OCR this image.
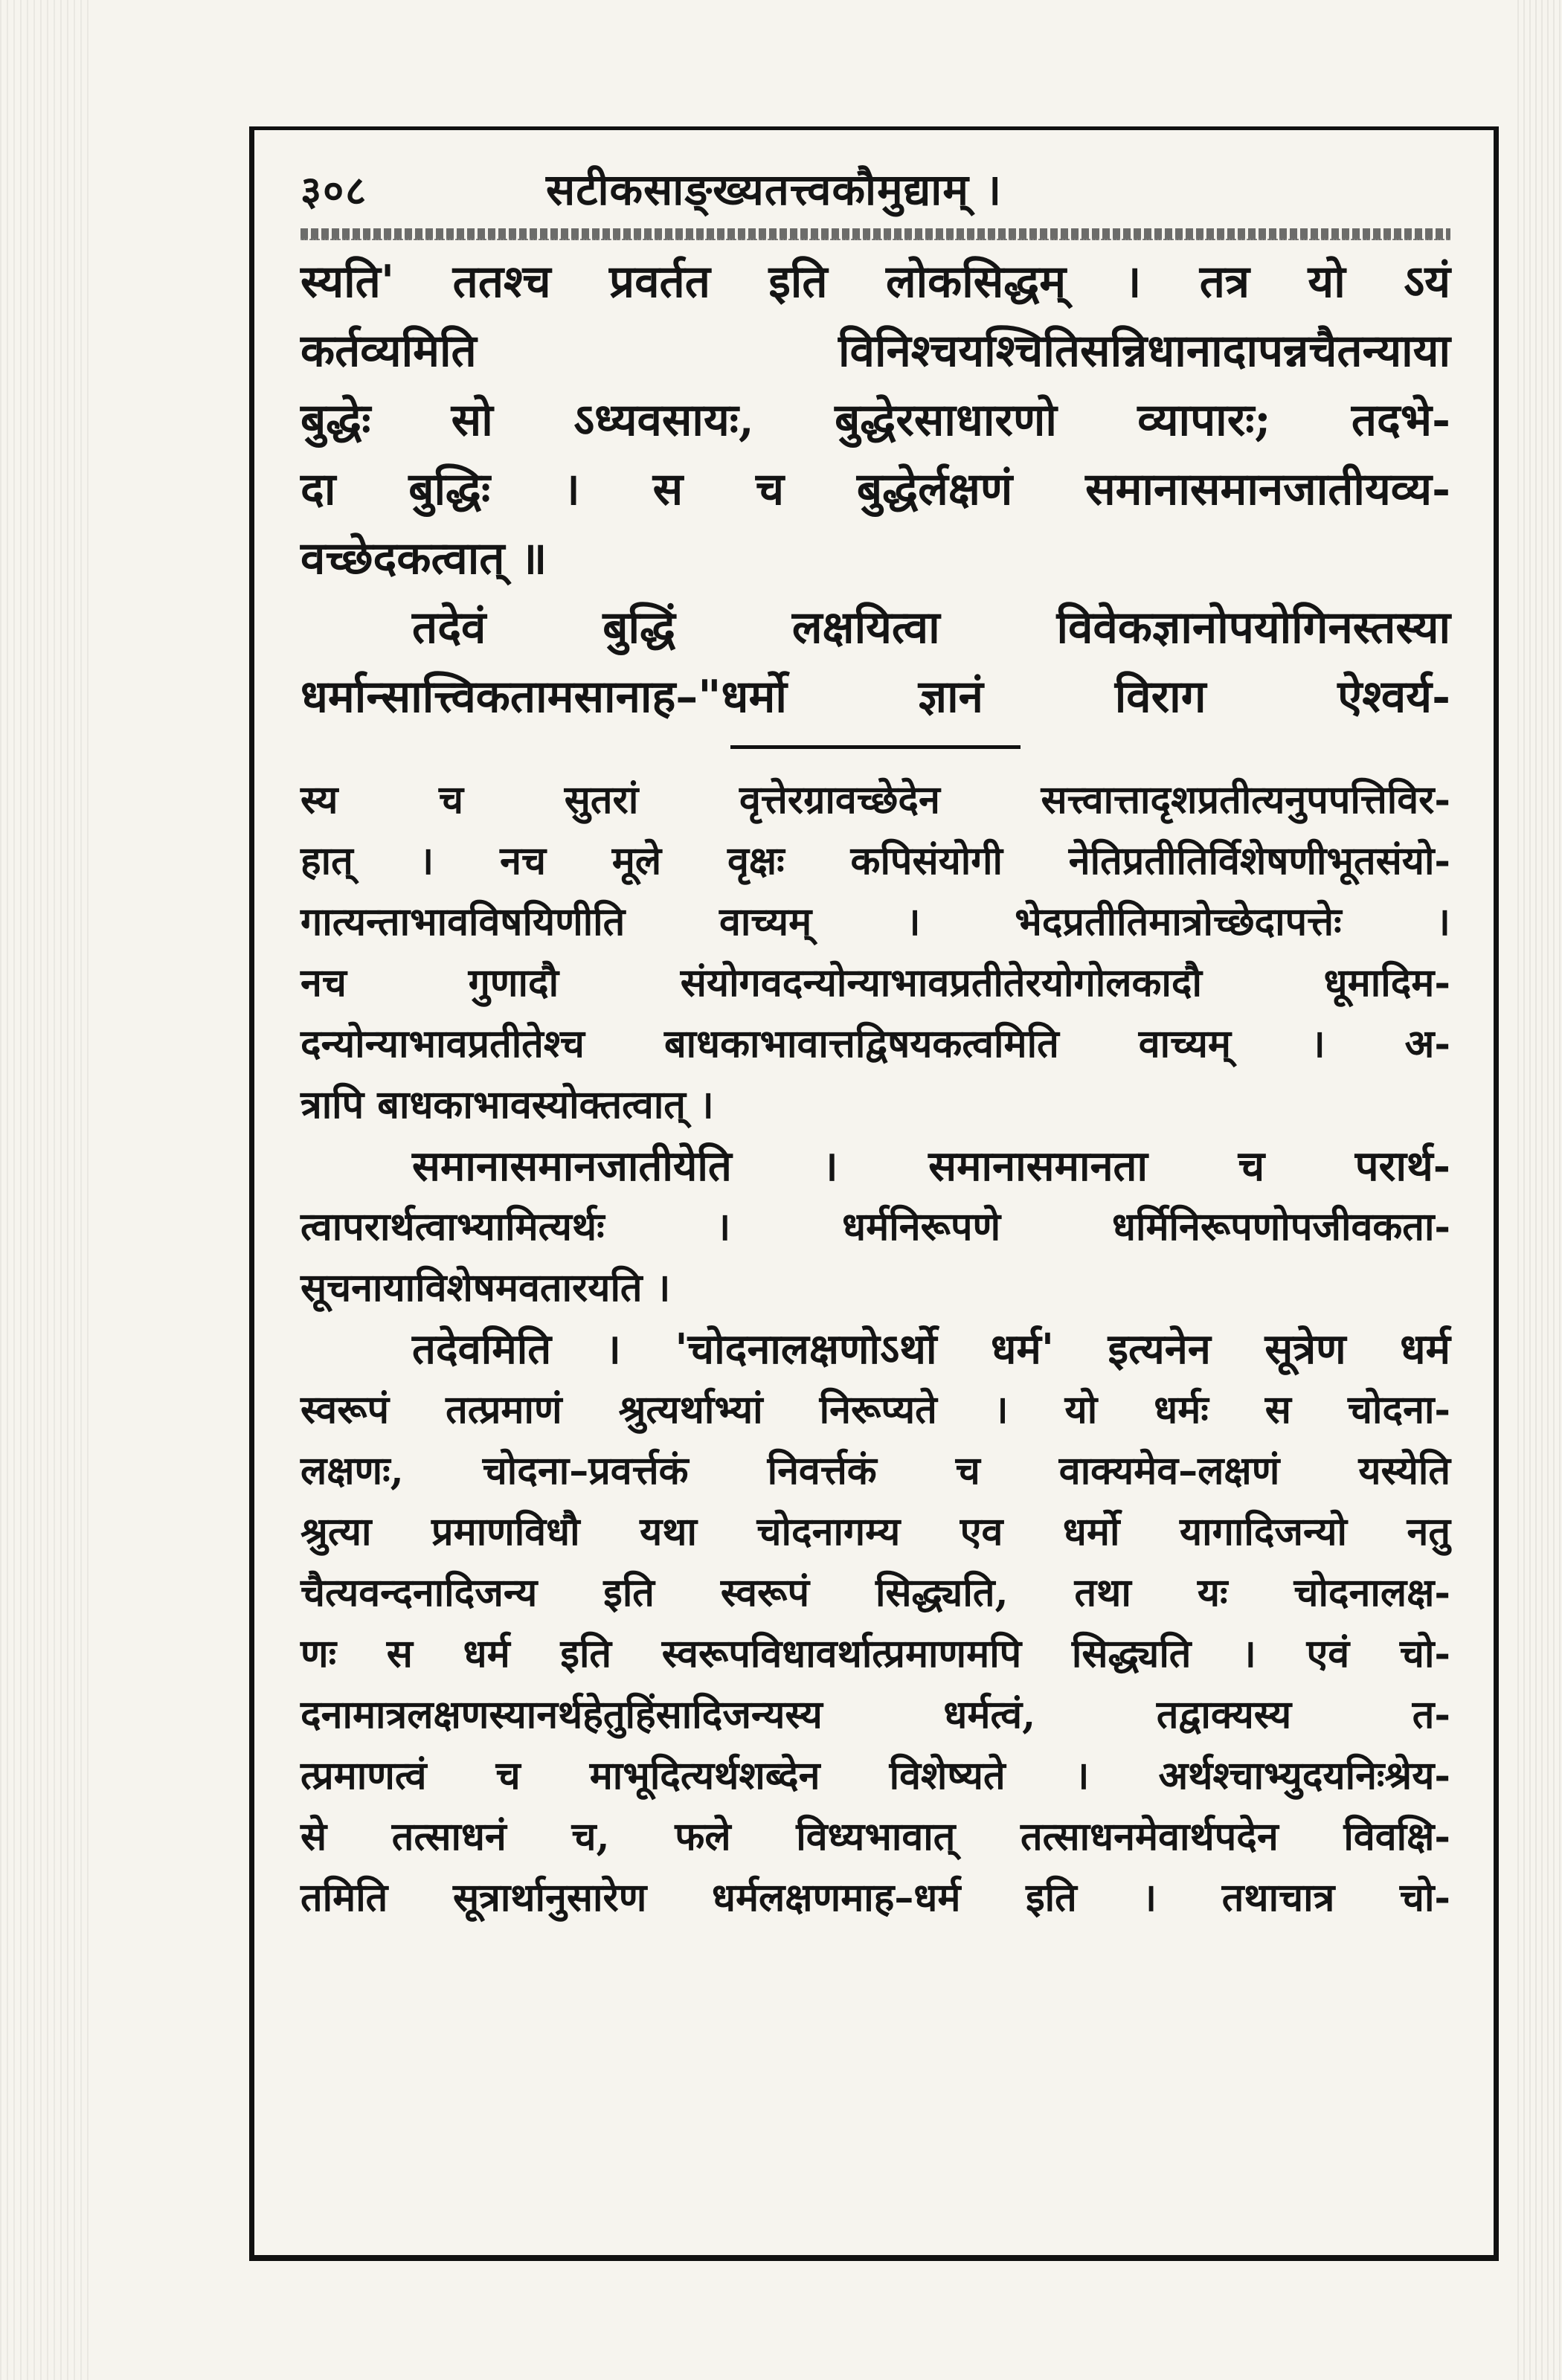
३०८	सटीकसाङ्ख्यतत्त्वकौमुद्याम् ।

स्यति' ततश्च प्रवर्तत इति लोकसिद्धम् । तत्र यो ऽयं

कर्तव्यमिति विनिश्चयश्चितिसन्निधानादापन्नचैतन्याया

बुद्धेः सो ऽध्यवसायः, बुद्धेरसाधारणो व्यापारः; तदभे-

दा बुद्धिः । स च बुद्धेर्लक्षणं समानासमानजातीयव्य-

वच्छेदकत्वात् ॥

तदेवं बुद्धिं लक्षयित्वा विवेकज्ञानोपयोगिनस्तस्या

धर्मान्सात्त्विकतामसानाह–"धर्मो ज्ञानं विराग ऐश्वर्य-

स्य च सुतरां वृत्तेरग्रावच्छेदेन सत्त्वात्तादृशप्रतीत्यनुपपत्तिविर-

हात् । नच मूले वृक्षः कपिसंयोगी नेतिप्रतीतिर्विशेषणीभूतसंयो-

गात्यन्ताभावविषयिणीति वाच्यम् । भेदप्रतीतिमात्रोच्छेदापत्तेः ।

नच गुणादौ संयोगवदन्योन्याभावप्रतीतेरयोगोलकादौ धूमादिम-

दन्योन्याभावप्रतीतेश्च बाधकाभावात्तद्विषयकत्वमिति वाच्यम् । अ-

त्रापि बाधकाभावस्योक्तत्वात् ।

समानासमानजातीयेति । समानासमानता च परार्थ-

त्वापरार्थत्वाभ्यामित्यर्थः । धर्मनिरूपणे धर्मिनिरूपणोपजीवकता-

सूचनायाविशेषमवतारयति ।

तदेवमिति । 'चोदनालक्षणोऽर्थो धर्म' इत्यनेन सूत्रेण धर्म

स्वरूपं तत्प्रमाणं श्रुत्यर्थाभ्यां निरूप्यते । यो धर्मः स चोदना-

लक्षणः, चोदना–प्रवर्त्तकं निवर्त्तकं च वाक्यमेव–लक्षणं यस्येति

श्रुत्या प्रमाणविधौ यथा चोदनागम्य एव धर्मो यागादिजन्यो नतु

चैत्यवन्दनादिजन्य इति स्वरूपं सिद्ध्यति, तथा यः चोदनालक्ष-

णः स धर्म इति स्वरूपविधावर्थात्प्रमाणमपि सिद्ध्यति । एवं चो-

दनामात्रलक्षणस्यानर्थहेतुहिंसादिजन्यस्य धर्मत्वं, तद्वाक्यस्य त-

त्प्रमाणत्वं च माभूदित्यर्थशब्देन विशेष्यते । अर्थश्चाभ्युदयनिःश्रेय-

से तत्साधनं च, फले विध्यभावात् तत्साधनमेवार्थपदेन विवक्षि-

तमिति सूत्रार्थानुसारेण धर्मलक्षणमाह–धर्म इति । तथाचात्र चो-
